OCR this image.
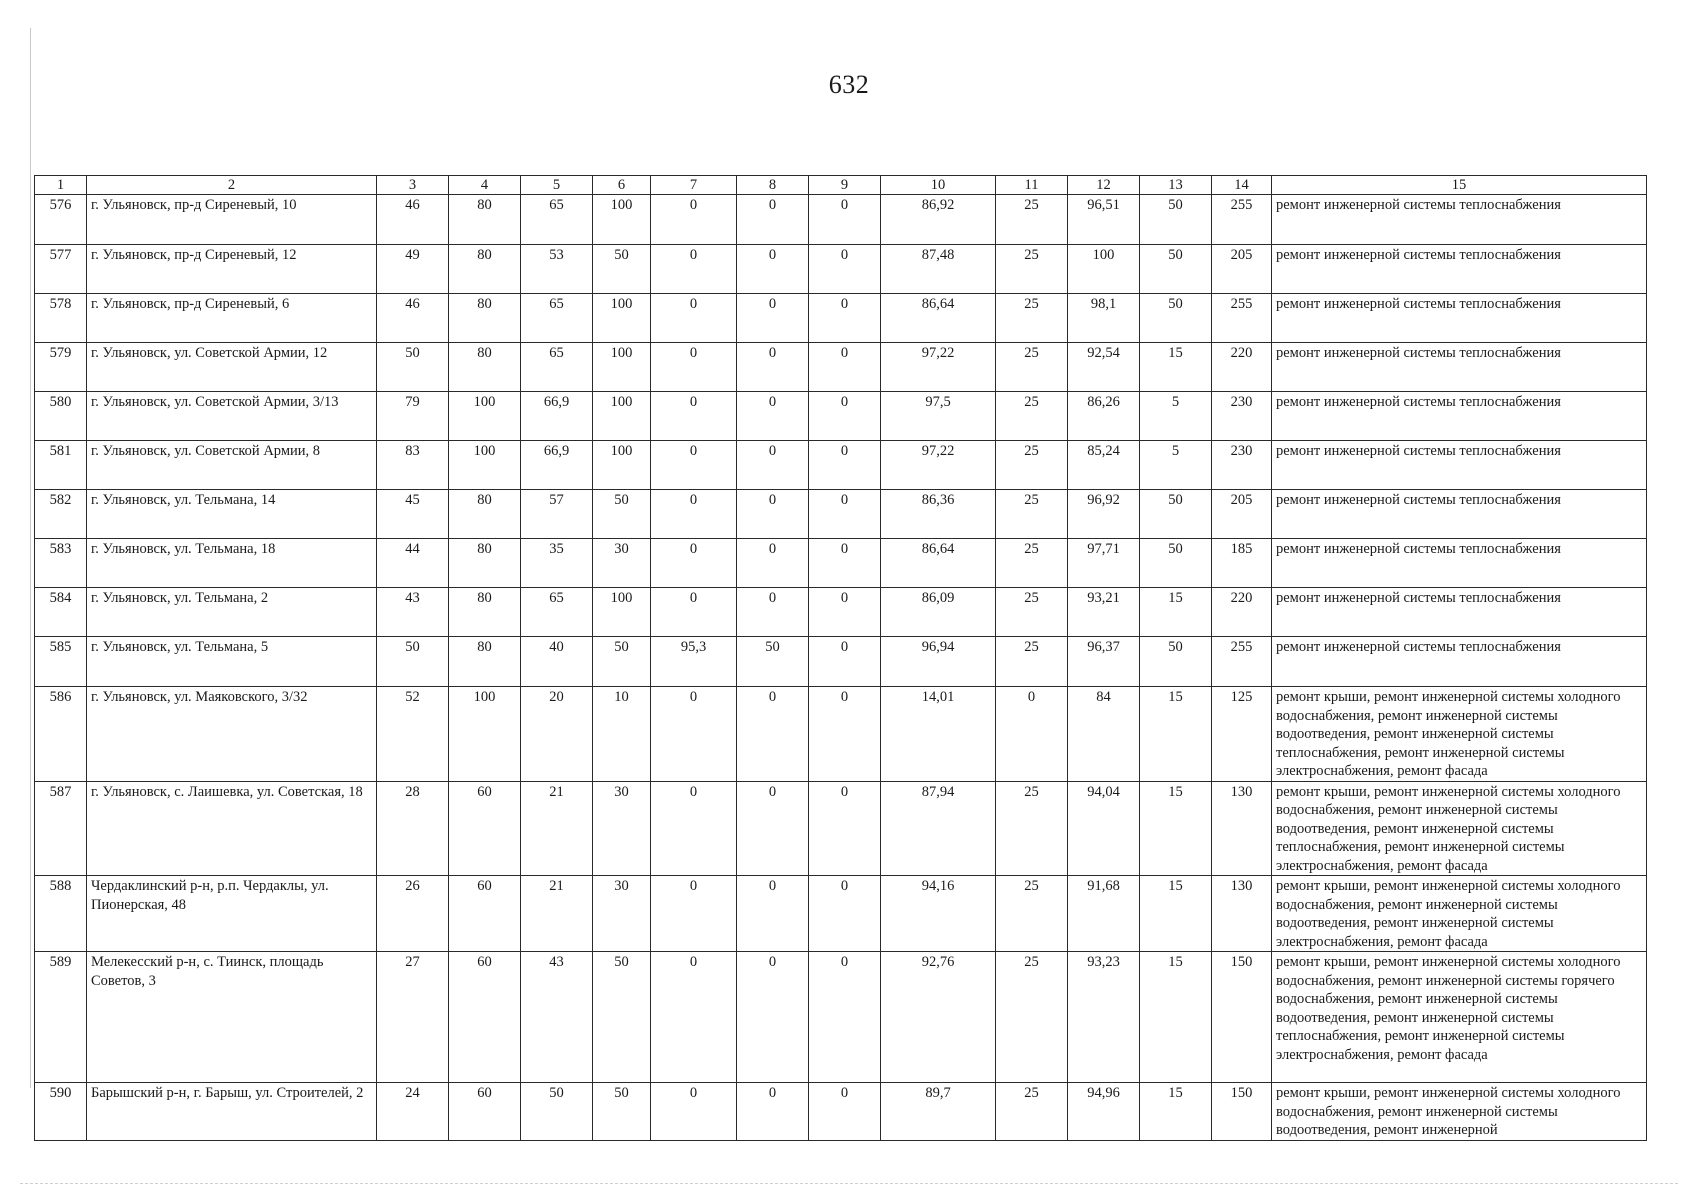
632
1	2	3	4	5	6	7	8	9	10	11	12	13	14	15
576	г. Ульяновск, пр-д Сиреневый, 10	46	80	65	100	0	0	0	86,92	25	96,51	50	255	ремонт инженерной системы теплоснабжения
577	г. Ульяновск, пр-д Сиреневый, 12	49	80	53	50	0	0	0	87,48	25	100	50	205	ремонт инженерной системы теплоснабжения
578	г. Ульяновск, пр-д Сиреневый, 6	46	80	65	100	0	0	0	86,64	25	98,1	50	255	ремонт инженерной системы теплоснабжения
579	г. Ульяновск, ул. Советской Армии, 12	50	80	65	100	0	0	0	97,22	25	92,54	15	220	ремонт инженерной системы теплоснабжения
580	г. Ульяновск, ул. Советской Армии, 3/13	79	100	66,9	100	0	0	0	97,5	25	86,26	5	230	ремонт инженерной системы теплоснабжения
581	г. Ульяновск, ул. Советской Армии, 8	83	100	66,9	100	0	0	0	97,22	25	85,24	5	230	ремонт инженерной системы теплоснабжения
582	г. Ульяновск, ул. Тельмана, 14	45	80	57	50	0	0	0	86,36	25	96,92	50	205	ремонт инженерной системы теплоснабжения
583	г. Ульяновск, ул. Тельмана, 18	44	80	35	30	0	0	0	86,64	25	97,71	50	185	ремонт инженерной системы теплоснабжения
584	г. Ульяновск, ул. Тельмана, 2	43	80	65	100	0	0	0	86,09	25	93,21	15	220	ремонт инженерной системы теплоснабжения
585	г. Ульяновск, ул. Тельмана, 5	50	80	40	50	95,3	50	0	96,94	25	96,37	50	255	ремонт инженерной системы теплоснабжения
586	г. Ульяновск, ул. Маяковского, 3/32	52	100	20	10	0	0	0	14,01	0	84	15	125	ремонт крыши, ремонт инженерной системы холодного водоснабжения, ремонт инженерной системы водоотведения, ремонт инженерной системы теплоснабжения, ремонт инженерной системы электроснабжения, ремонт фасада
587	г. Ульяновск, с. Лаишевка, ул. Советская, 18	28	60	21	30	0	0	0	87,94	25	94,04	15	130	ремонт крыши, ремонт инженерной системы холодного водоснабжения, ремонт инженерной системы водоотведения, ремонт инженерной системы теплоснабжения, ремонт инженерной системы электроснабжения, ремонт фасада
588	Чердаклинский р-н, р.п. Чердаклы, ул. Пионерская, 48	26	60	21	30	0	0	0	94,16	25	91,68	15	130	ремонт крыши, ремонт инженерной системы холодного водоснабжения, ремонт инженерной системы водоотведения, ремонт инженерной системы электроснабжения, ремонт фасада
589	Мелекесский р-н, с. Тиинск, площадь Советов, 3	27	60	43	50	0	0	0	92,76	25	93,23	15	150	ремонт крыши, ремонт инженерной системы холодного водоснабжения, ремонт инженерной системы горячего водоснабжения, ремонт инженерной системы водоотведения, ремонт инженерной системы теплоснабжения, ремонт инженерной системы электроснабжения, ремонт фасада
590	Барышский р-н, г. Барыш, ул. Строителей, 2	24	60	50	50	0	0	0	89,7	25	94,96	15	150	ремонт крыши, ремонт инженерной системы холодного водоснабжения, ремонт инженерной системы водоотведения, ремонт инженерной
